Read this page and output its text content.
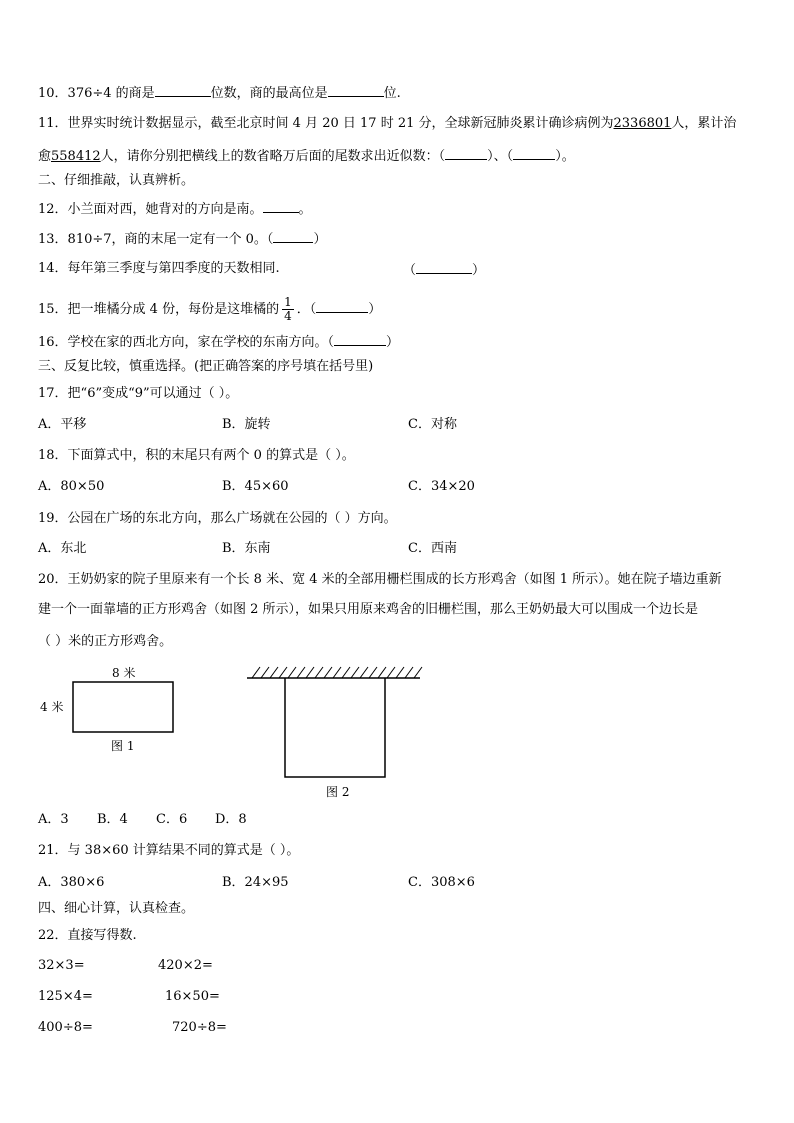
10．376÷4 的商是	位数，商的最高位是	位.
11．世界实时统计数据显示，截至北京时间 4 月 20 日 17 时 21 分，全球新冠肺炎累计确诊病例为2336801人，累计治
愈558412人，请你分别把横线上的数省略万后面的尾数求出近似数：（	）、（	）。
二、仔细推敲，认真辨析。
12．小兰面对西，她背对的方向是南。	。
13．810÷7，商的末尾一定有一个 0。（	）
14．每年第三季度与第四季度的天数相同.	（	）
15．把一堆橘分成 4 份，每份是这堆橘的 $\frac{1}{4}$ ．（	）
16．学校在家的西北方向，家在学校的东南方向。（	）
三、反复比较，慎重选择。(把正确答案的序号填在括号里)
17．把“6”变成“9”可以通过（ ）。
A．平移	B．旋转	C．对称
18．下面算式中，积的末尾只有两个 0 的算式是（ ）。
A．80×50	B．45×60	C．34×20
19．公园在广场的东北方向，那么广场就在公园的（ ）方向。
A．东北	B．东南	C．西南
20．王奶奶家的院子里原来有一个长 8 米、宽 4 米的全部用栅栏围成的长方形鸡舍（如图 1 所示）。她在院子墙边重新
建一个一面靠墙的正方形鸡舍（如图 2 所示），如果只用原来鸡舍的旧栅栏围，那么王奶奶最大可以围成一个边长是
（ ）米的正方形鸡舍。
8 米
4 米
图 1
图 2
A．3 B．4 C．6 D．8
21．与 38×60 计算结果不同的算式是（ ）。
A．380×6	B．24×95	C．308×6
四、细心计算，认真检查。
22．直接写得数.
32×3=	420×2=
125×4=	16×50=
400÷8=	720÷8=
